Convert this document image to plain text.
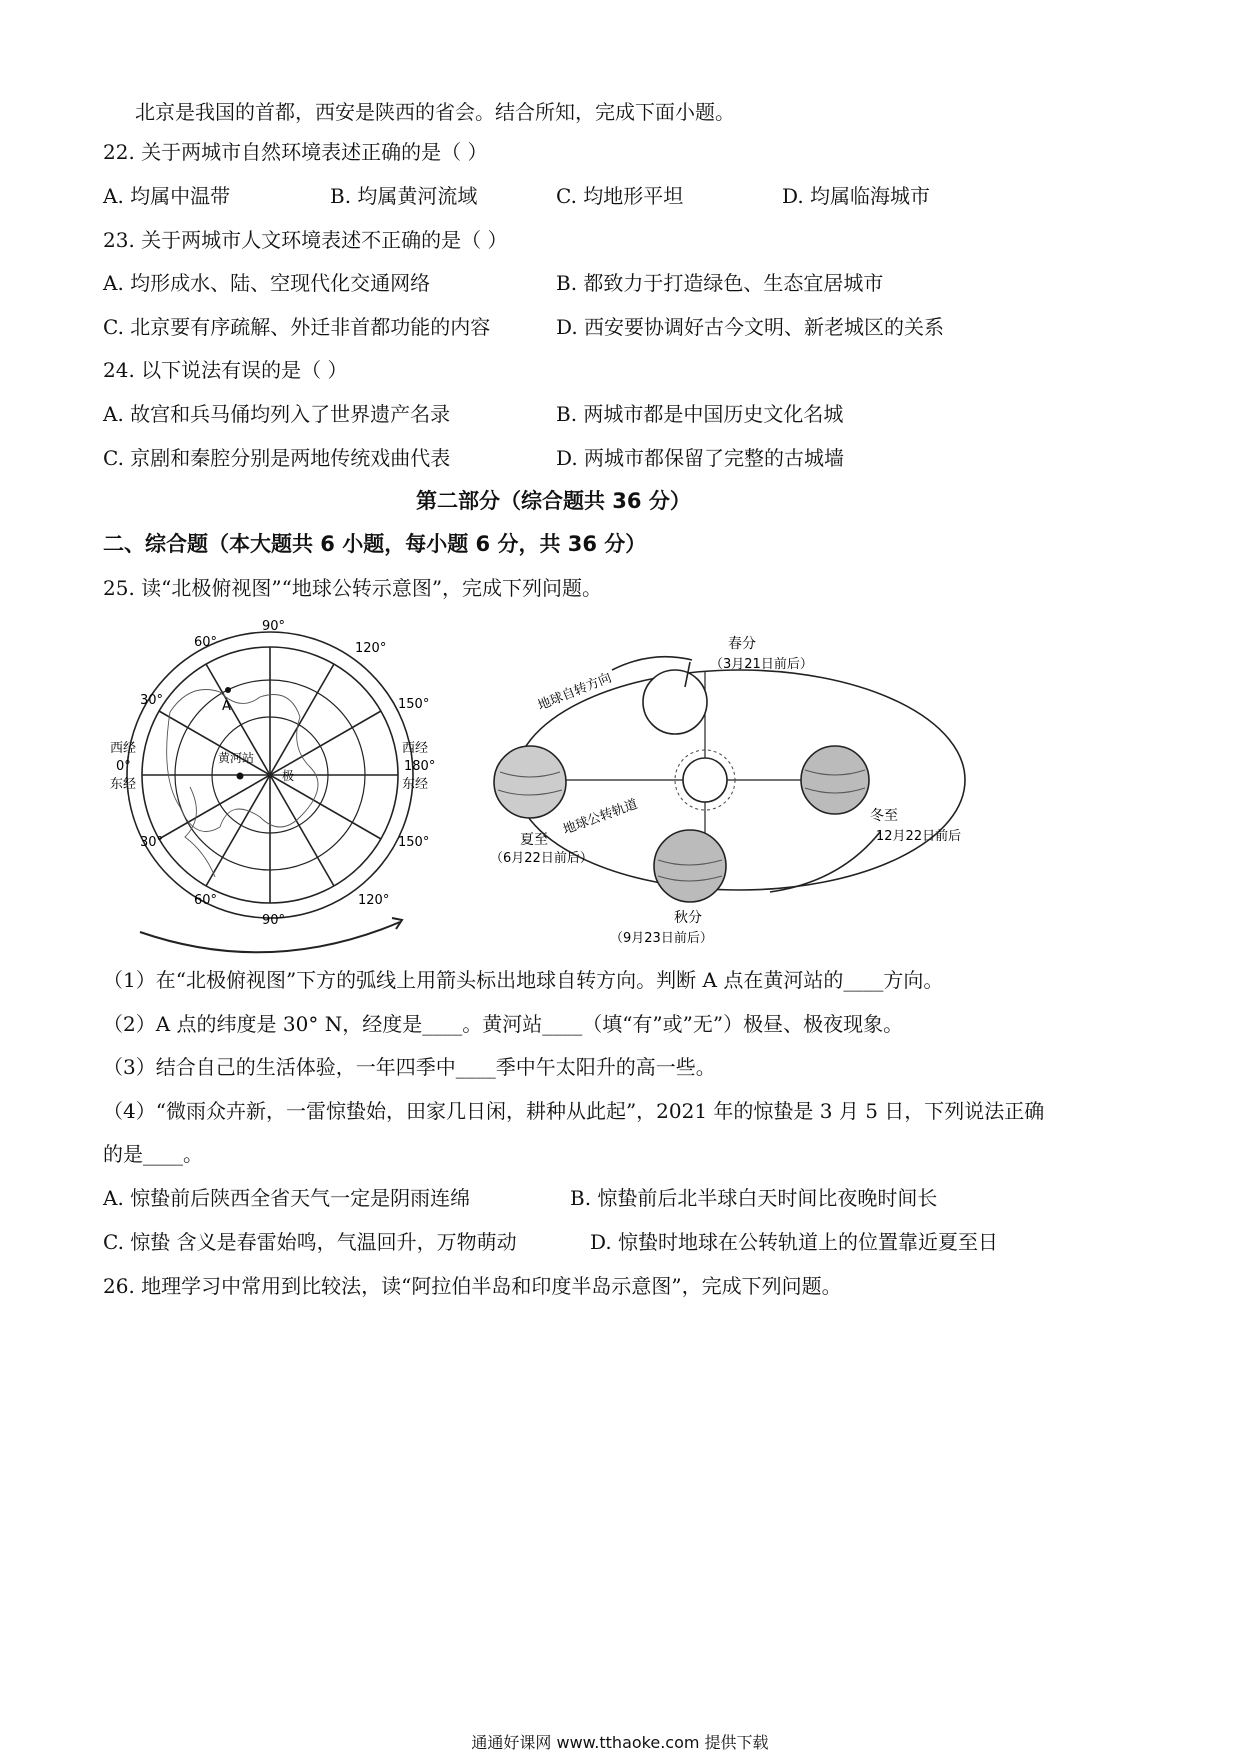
北京是我国的首都，西安是陕西的省会。结合所知，完成下面小题。
22. 关于两城市自然环境表述正确的是（ ）
A. 均属中温带	B. 均属黄河流域	C. 均地形平坦	D. 均属临海城市
23. 关于两城市人文环境表述不正确的是（ ）
A. 均形成水、陆、空现代化交通网络	B. 都致力于打造绿色、生态宜居城市
C. 北京要有序疏解、外迁非首都功能的内容	D. 西安要协调好古今文明、新老城区的关系
24. 以下说法有误的是（ ）
A. 故宫和兵马俑均列入了世界遗产名录	B. 两城市都是中国历史文化名城
C. 京剧和秦腔分别是两地传统戏曲代表	D. 两城市都保留了完整的古城墙
第二部分（综合题共 36 分）
二、综合题（本大题共 6 小题，每小题 6 分，共 36 分）
25. 读“北极俯视图”“地球公转示意图”，完成下列问题。
90°
60°
30°
120°
150°
30°
60°
150°
120°
90°
西经
0°
东经
西经
180°
东经
A
黄河站
极
春分
（3月21日前后）
夏至
（6月22日前后）
秋分
（9月23日前后）
冬至
12月22日前后
地球自转方向
地球公转轨道
（1）在“北极俯视图”下方的弧线上用箭头标出地球自转方向。判断 A 点在黄河站的____方向。
（2）A 点的纬度是 30° N，经度是____。黄河站____（填“有”或”无”）极昼、极夜现象。
（3）结合自己的生活体验，一年四季中____季中午太阳升的高一些。
（4）“微雨众卉新，一雷惊蛰始，田家几日闲，耕种从此起”，2021 年的惊蛰是 3 月 5 日，下列说法正确
的是____。
A. 惊蛰前后陕西全省天气一定是阴雨连绵	B. 惊蛰前后北半球白天时间比夜晚时间长
C. 惊蛰 含义是春雷始鸣，气温回升，万物萌动	D. 惊蛰时地球在公转轨道上的位置靠近夏至日
26. 地理学习中常用到比较法，读“阿拉伯半岛和印度半岛示意图”，完成下列问题。
通通好课网 www.tthaoke.com 提供下载
